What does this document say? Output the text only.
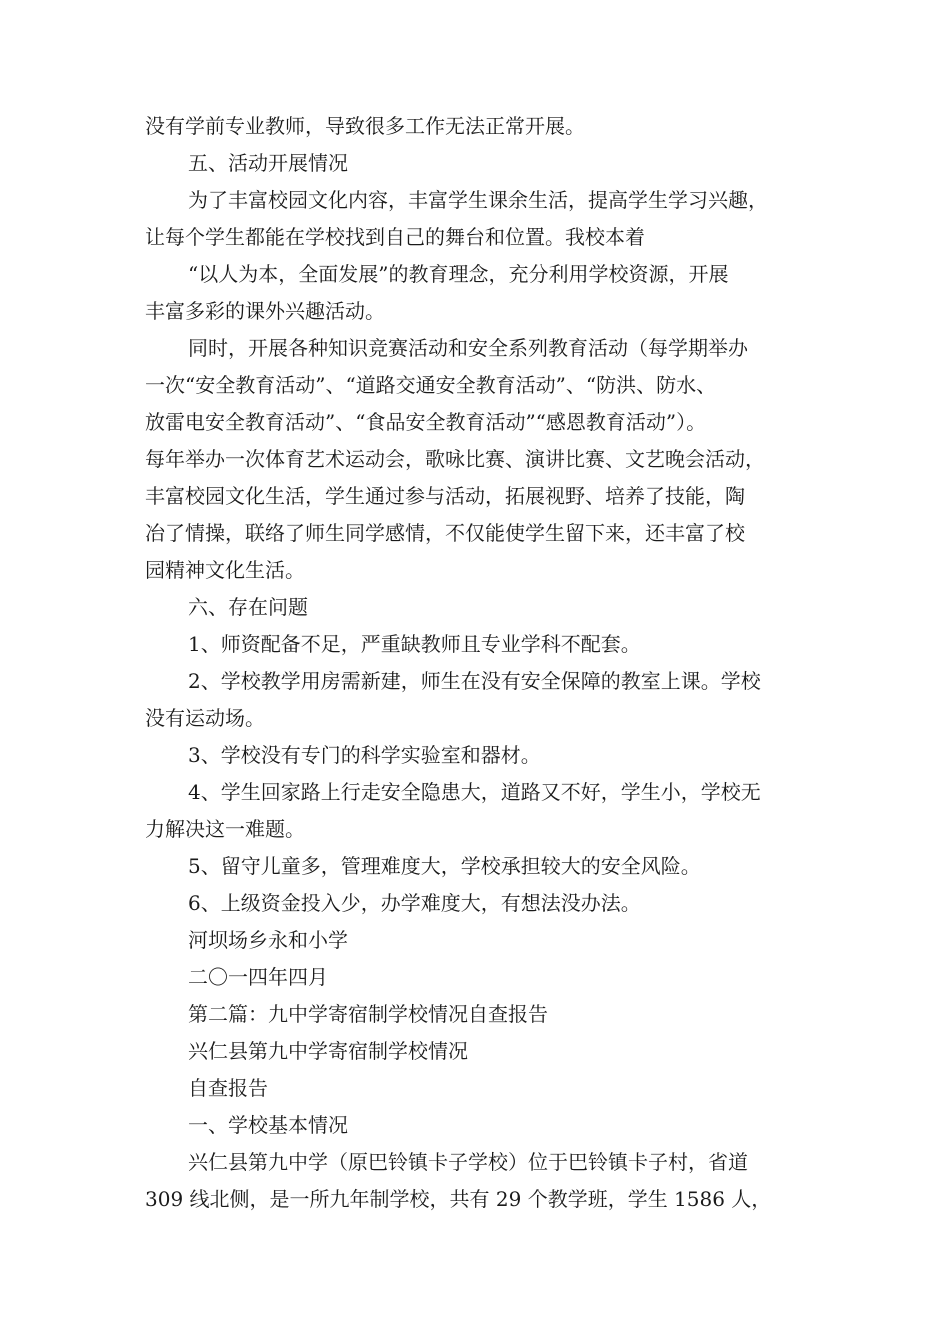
没有学前专业教师，导致很多工作无法正常开展。
五、活动开展情况
为了丰富校园文化内容，丰富学生课余生活，提高学生学习兴趣，
让每个学生都能在学校找到自己的舞台和位置。我校本着
“以人为本，全面发展”的教育理念，充分利用学校资源，开展
丰富多彩的课外兴趣活动。
同时，开展各种知识竞赛活动和安全系列教育活动（每学期举办
一次“安全教育活动”、“道路交通安全教育活动”、“防洪、防水、
放雷电安全教育活动”、“食品安全教育活动”“感恩教育活动”）。
每年举办一次体育艺术运动会，歌咏比赛、演讲比赛、文艺晚会活动，
丰富校园文化生活，学生通过参与活动，拓展视野、培养了技能，陶
冶了情操，联络了师生同学感情，不仅能使学生留下来，还丰富了校
园精神文化生活。
六、存在问题
1、师资配备不足，严重缺教师且专业学科不配套。
2、学校教学用房需新建，师生在没有安全保障的教室上课。学校
没有运动场。
3、学校没有专门的科学实验室和器材。
4、学生回家路上行走安全隐患大，道路又不好，学生小，学校无
力解决这一难题。
5、留守儿童多，管理难度大，学校承担较大的安全风险。
6、上级资金投入少，办学难度大，有想法没办法。
河坝场乡永和小学
二〇一四年四月
第二篇：九中学寄宿制学校情况自查报告
兴仁县第九中学寄宿制学校情况
自查报告
一、学校基本情况
兴仁县第九中学（原巴铃镇卡子学校）位于巴铃镇卡子村，省道
309 线北侧，是一所九年制学校，共有 29 个教学班，学生 1586 人，
